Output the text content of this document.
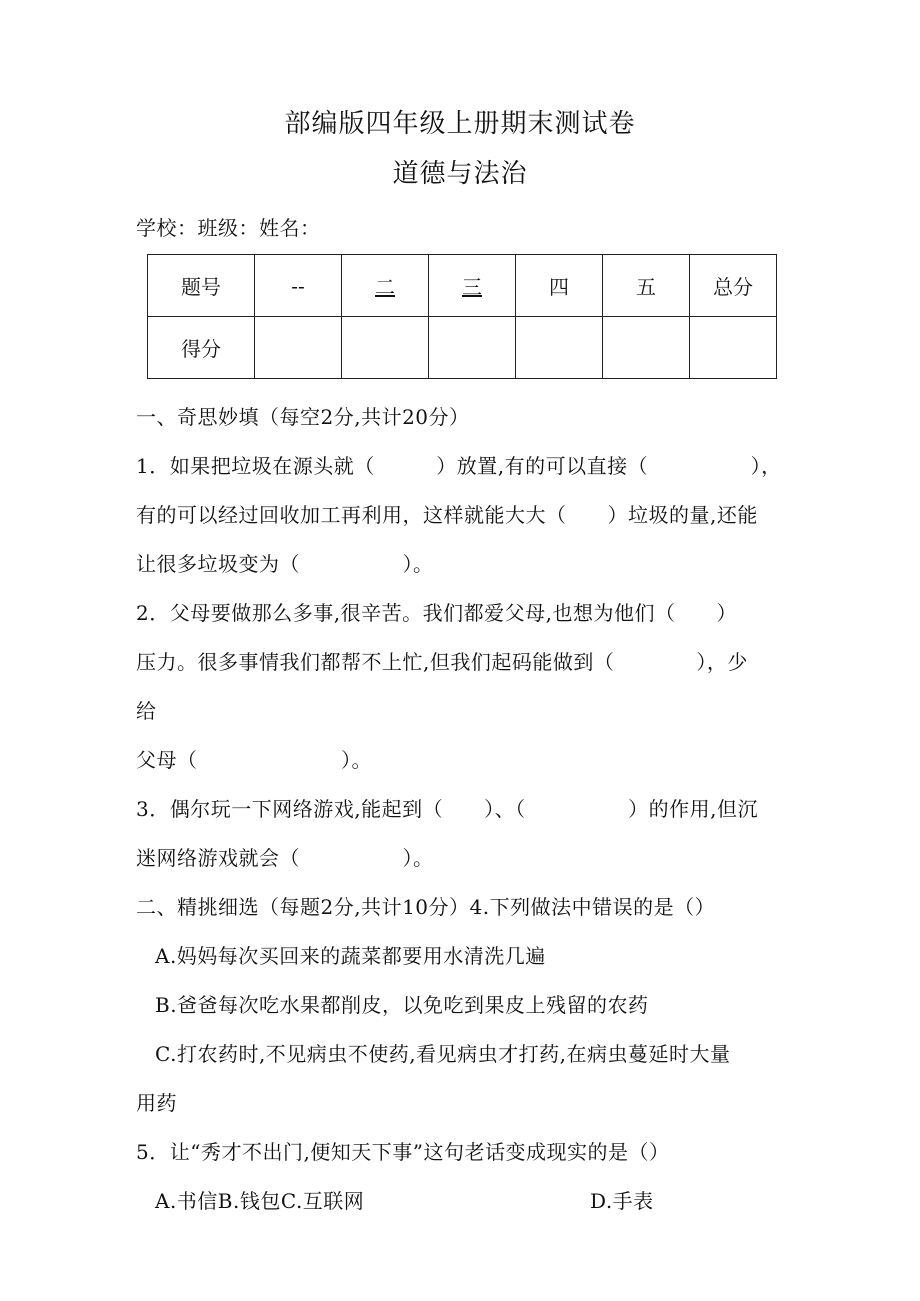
部编版四年级上册期末测试卷
道德与法治
学校：班级：姓名：
题号	--	二	三	四	五	总分
得分						
一、奇思妙填（每空2分,共计20分）
1．如果把垃圾在源头就（　　　）放置,有的可以直接（　　　　　），
有的可以经过回收加工再利用，这样就能大大（　　）垃圾的量,还能
让很多垃圾变为（　　　　　）。
2．父母要做那么多事,很辛苦。我们都爱父母,也想为他们（　　）
压力。很多事情我们都帮不上忙,但我们起码能做到（　　　　），少
给
父母（　　　　　　　）。
3．偶尔玩一下网络游戏,能起到（　　）、（　　　　　）的作用,但沉
迷网络游戏就会（　　　　　）。
二、精挑细选（每题2分,共计10分）4.下列做法中错误的是（）
A.妈妈每次买回来的蔬菜都要用水清洗几遍
B.爸爸每次吃水果都削皮，以免吃到果皮上残留的农药
C.打农药时,不见病虫不使药,看见病虫才打药,在病虫蔓延时大量
用药
5．让“秀才不出门,便知天下事”这句老话变成现实的是（）
A.书信B.钱包C.互联网	D.手表
